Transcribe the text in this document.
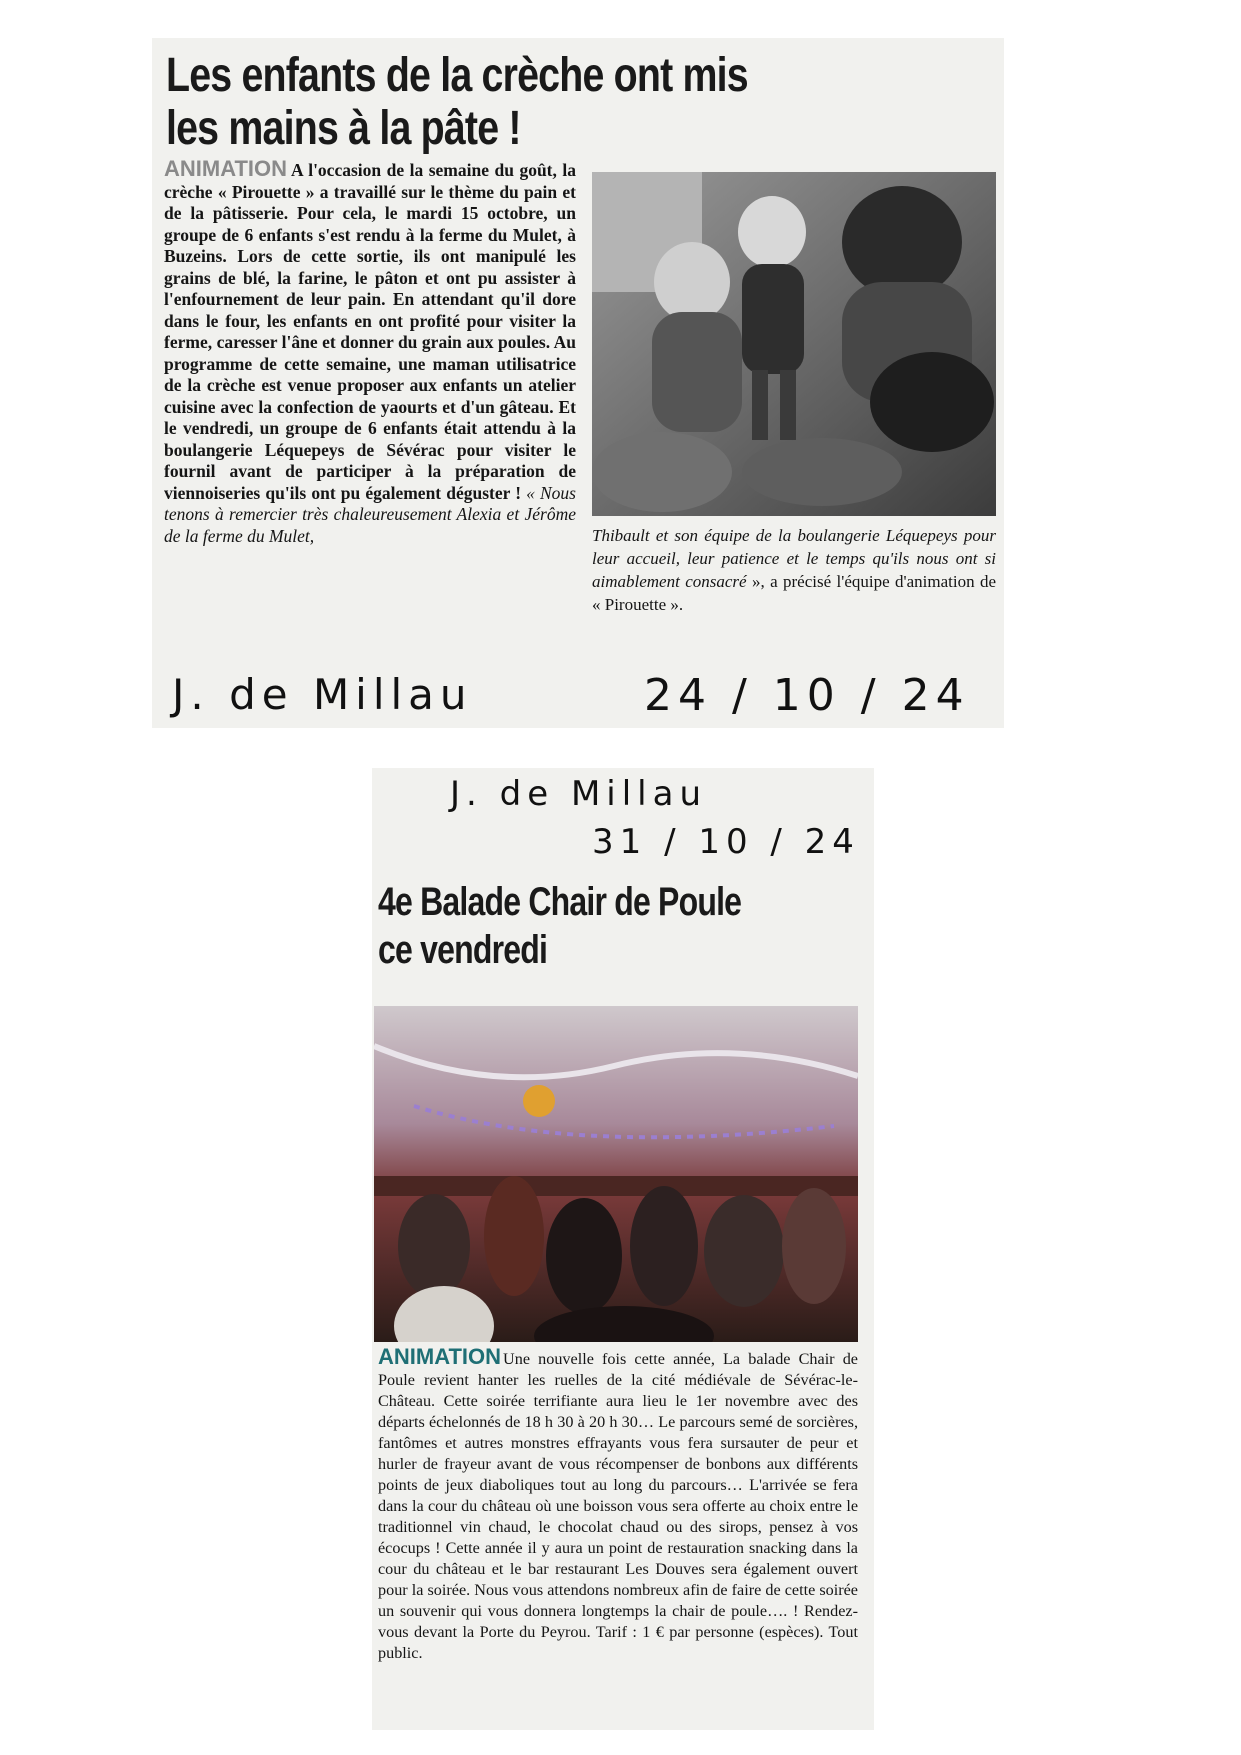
Les enfants de la crèche ont mis
les mains à la pâte !

ANIMATION A l'occasion de la semaine du goût, la crèche « Pirouette » a travaillé sur le thème du pain et de la pâtisserie. Pour cela, le mardi 15 octobre, un groupe de 6 enfants s'est rendu à la ferme du Mulet, à Buzeins. Lors de cette sortie, ils ont manipulé les grains de blé, la farine, le pâton et ont pu assister à l'enfournement de leur pain. En attendant qu'il dore dans le four, les enfants en ont profité pour visiter la ferme, caresser l'âne et donner du grain aux poules. Au programme de cette semaine, une maman utilisatrice de la crèche est venue proposer aux enfants un atelier cuisine avec la confection de yaourts et d'un gâteau. Et le vendredi, un groupe de 6 enfants était attendu à la boulangerie Léquepeys de Sévérac pour visiter le fournil avant de participer à la préparation de viennoiseries qu'ils ont pu également déguster ! « Nous tenons à remercier très chaleureusement Alexia et Jérôme de la ferme du Mulet,	Thibault et son équipe de la boulangerie Léquepeys pour leur accueil, leur patience et le temps qu'ils nous ont si aimablement consacré », a précisé l'équipe d'animation de « Pirouette ».

J. de Millau	24 / 10 / 24
J. de Millau
31 / 10 / 24
4e Balade Chair de Poule
ce vendredi

ANIMATION Une nouvelle fois cette année, La balade Chair de Poule revient hanter les ruelles de la cité médiévale de Sévérac-le-Château. Cette soirée terrifiante aura lieu le 1er novembre avec des départs échelonnés de 18 h 30 à 20 h 30… Le parcours semé de sorcières, fantômes et autres monstres effrayants vous fera sursauter de peur et hurler de frayeur avant de vous récompenser de bonbons aux différents points de jeux diaboliques tout au long du parcours… L'arrivée se fera dans la cour du château où une boisson vous sera offerte au choix entre le traditionnel vin chaud, le chocolat chaud ou des sirops, pensez à vos écocups ! Cette année il y aura un point de restauration snacking dans la cour du château et le bar restaurant Les Douves sera également ouvert pour la soirée. Nous vous attendons nombreux afin de faire de cette soirée un souvenir qui vous donnera longtemps la chair de poule…. ! Rendez-vous devant la Porte du Peyrou. Tarif : 1 € par personne (espèces). Tout public.
